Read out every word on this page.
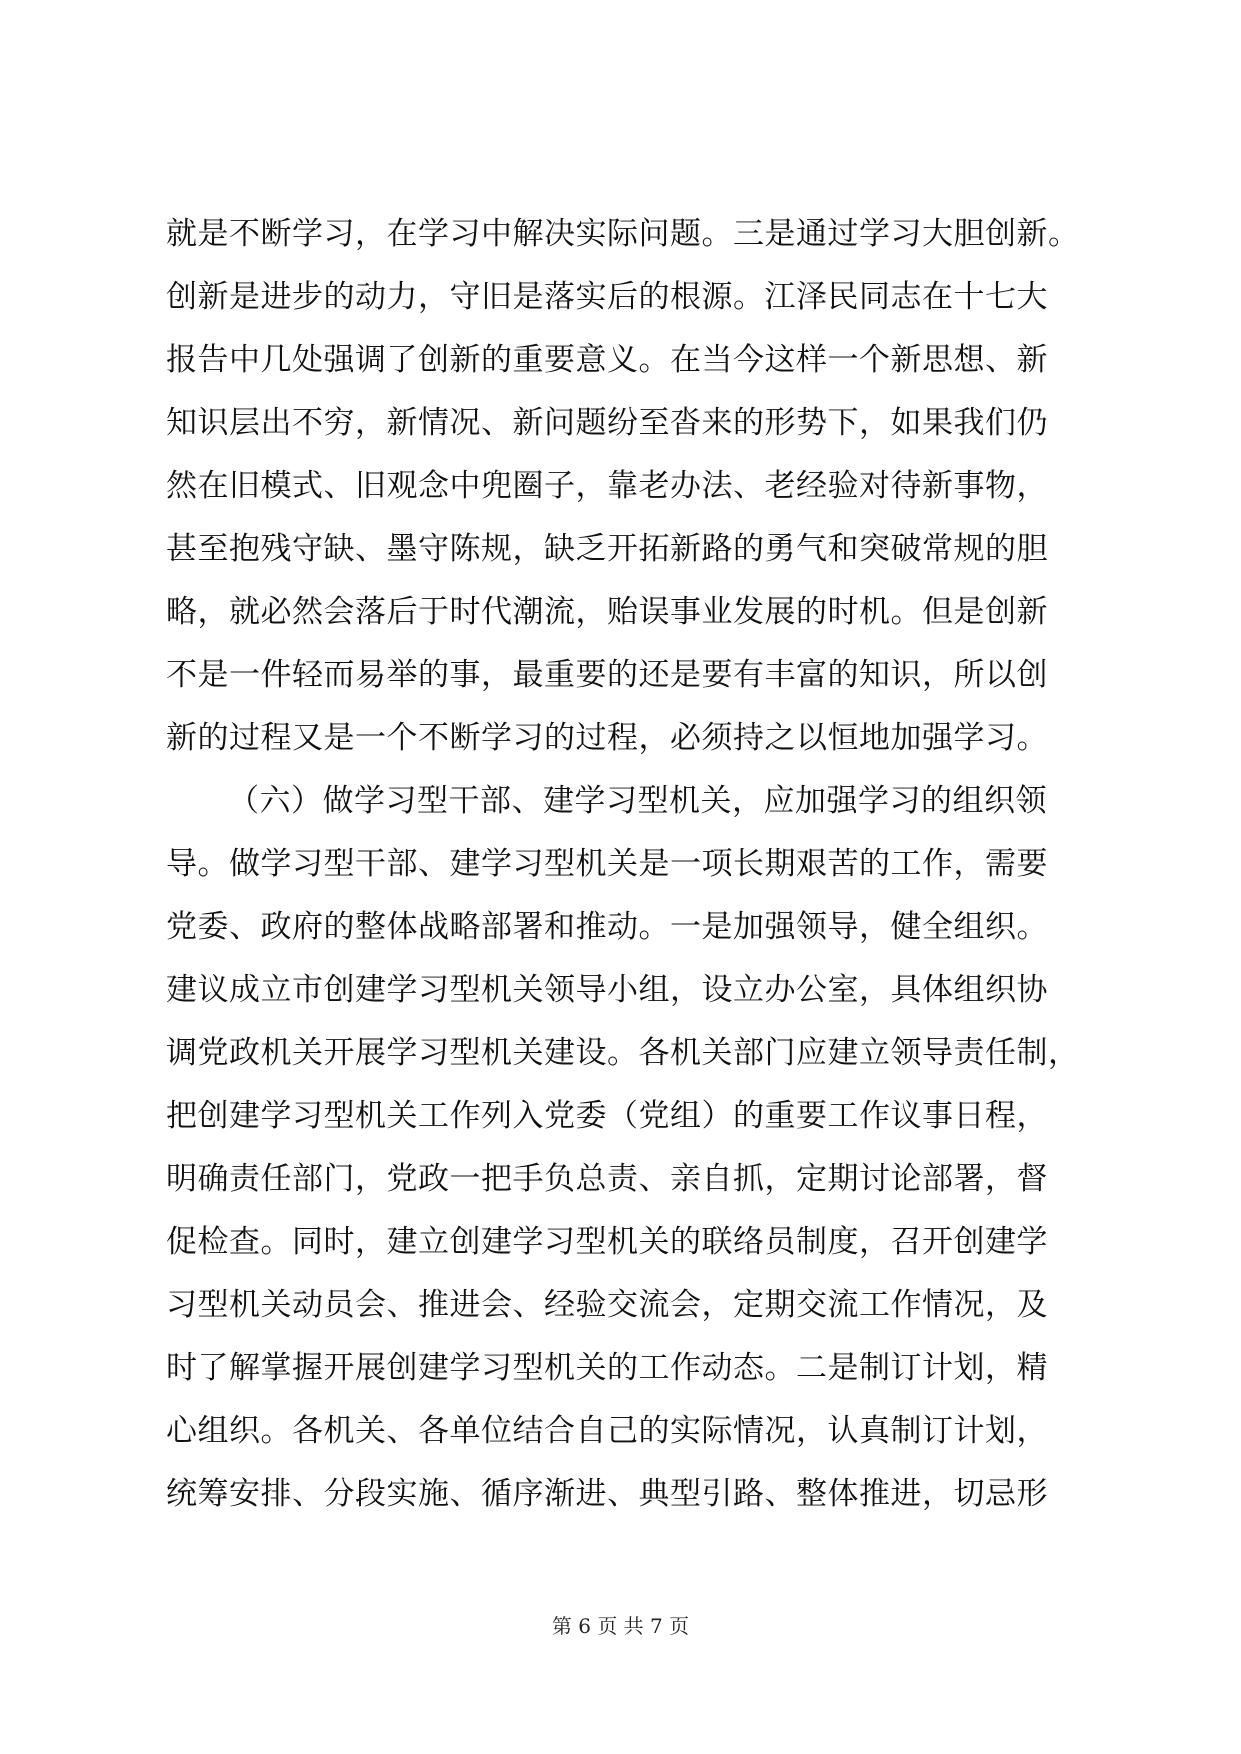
就是不断学习，在学习中解决实际问题。三是通过学习大胆创新。
创新是进步的动力，守旧是落实后的根源。江泽民同志在十七大
报告中几处强调了创新的重要意义。在当今这样一个新思想、新
知识层出不穷，新情况、新问题纷至沓来的形势下，如果我们仍
然在旧模式、旧观念中兜圈子，靠老办法、老经验对待新事物，
甚至抱残守缺、墨守陈规，缺乏开拓新路的勇气和突破常规的胆
略，就必然会落后于时代潮流，贻误事业发展的时机。但是创新
不是一件轻而易举的事，最重要的还是要有丰富的知识，所以创
新的过程又是一个不断学习的过程，必须持之以恒地加强学习。
（六）做学习型干部、建学习型机关，应加强学习的组织领
导。做学习型干部、建学习型机关是一项长期艰苦的工作，需要
党委、政府的整体战略部署和推动。一是加强领导，健全组织。
建议成立市创建学习型机关领导小组，设立办公室，具体组织协
调党政机关开展学习型机关建设。各机关部门应建立领导责任制，
把创建学习型机关工作列入党委（党组）的重要工作议事日程，
明确责任部门，党政一把手负总责、亲自抓，定期讨论部署，督
促检查。同时，建立创建学习型机关的联络员制度，召开创建学
习型机关动员会、推进会、经验交流会，定期交流工作情况，及
时了解掌握开展创建学习型机关的工作动态。二是制订计划，精
心组织。各机关、各单位结合自己的实际情况，认真制订计划，
统筹安排、分段实施、循序渐进、典型引路、整体推进，切忌形
第 6 页 共 7 页
